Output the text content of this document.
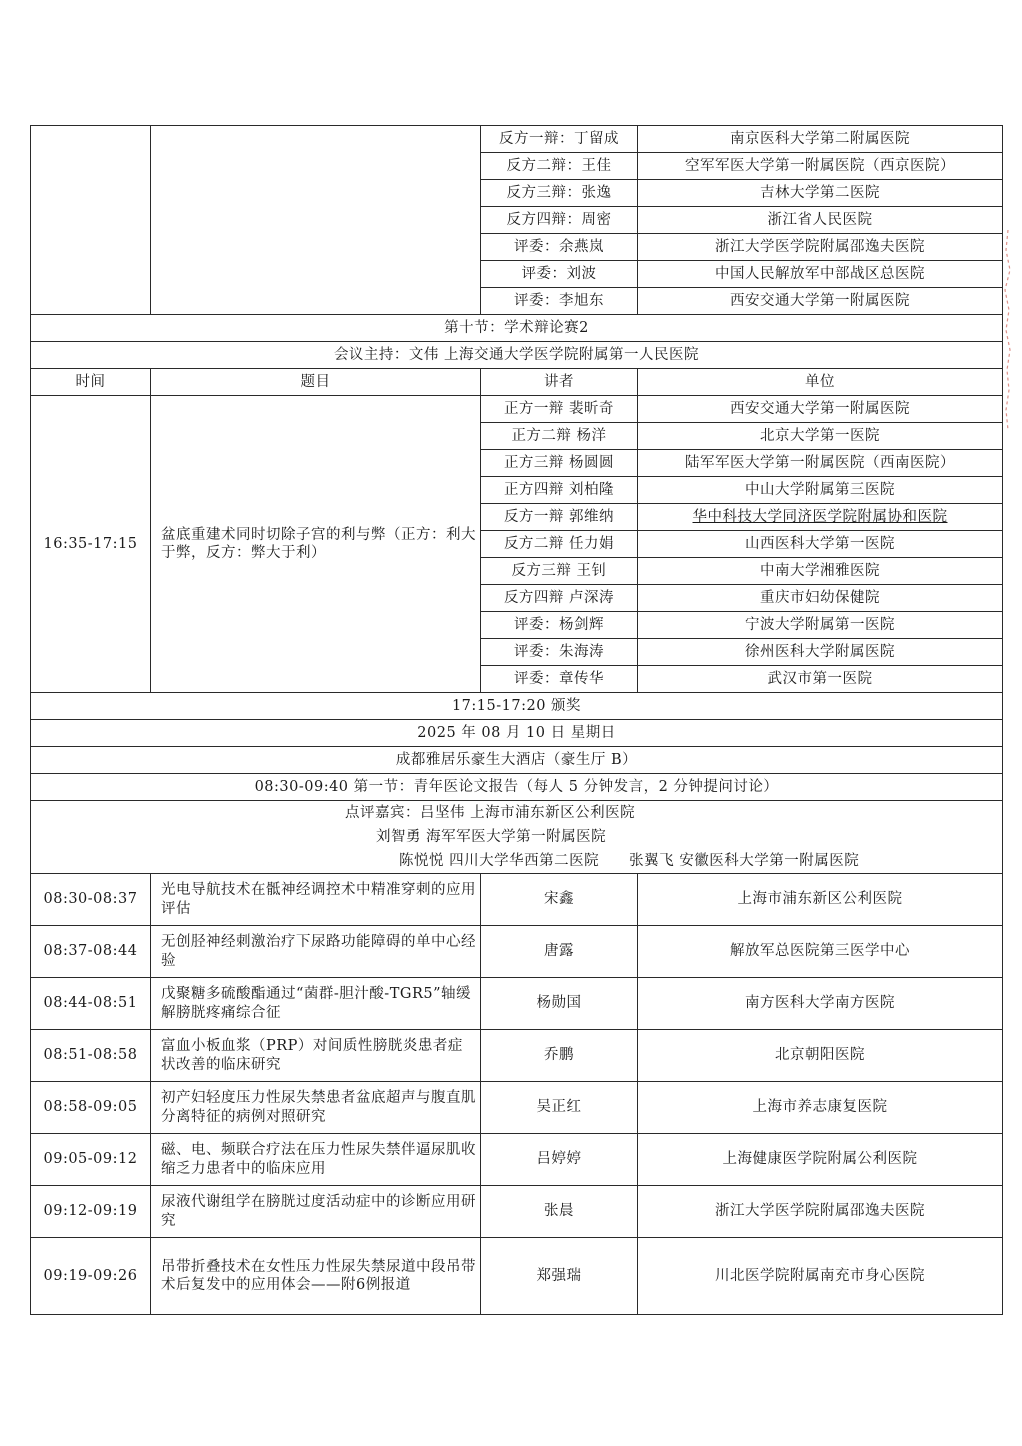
		反方一辩：丁留成	南京医科大学第二附属医院
		反方二辩：王佳	空军军医大学第一附属医院（西京医院）
		反方三辩：张逸	吉林大学第二医院
		反方四辩：周密	浙江省人民医院
		评委：余燕岚	浙江大学医学院附属邵逸夫医院
		评委：刘波	中国人民解放军中部战区总医院
		评委：李旭东	西安交通大学第一附属医院
第十节：学术辩论赛2			
会议主持：文伟 上海交通大学医学院附属第一人民医院			
时间	题目	讲者	单位
16:35-17:15	盆底重建术同时切除子宫的利与弊（正方：利大于弊，反方：弊大于利）	正方一辩 裴昕奇	西安交通大学第一附属医院
		正方二辩 杨洋	北京大学第一医院
		正方三辩 杨圆圆	陆军军医大学第一附属医院（西南医院）
		正方四辩 刘柏隆	中山大学附属第三医院
		反方一辩 郭维纳	华中科技大学同济医学院附属协和医院
		反方二辩 任力娟	山西医科大学第一医院
		反方三辩 王钊	中南大学湘雅医院
		反方四辩 卢深涛	重庆市妇幼保健院
		评委：杨剑辉	宁波大学附属第一医院
		评委：朱海涛	徐州医科大学附属医院
		评委：章传华	武汉市第一医院
17:15-17:20 颁奖			
2025 年 08 月 10 日 星期日			
成都雅居乐豪生大酒店（豪生厅 B）			
08:30-09:40 第一节：青年医论文报告（每人 5 分钟发言，2 分钟提问讨论）			

点评嘉宾：吕坚伟 上海市浦东新区公利医院
刘智勇 海军军医大学第一附属医院
陈悦悦 四川大学华西第二医院 张翼飞 安徽医科大学第一附属医院			

08:30-08:37	光电导航技术在骶神经调控术中精准穿刺的应用评估	宋鑫	上海市浦东新区公利医院
08:37-08:44	无创胫神经刺激治疗下尿路功能障碍的单中心经验	唐露	解放军总医院第三医学中心
08:44-08:51	戊聚糖多硫酸酯通过“菌群-胆汁酸-TGR5”轴缓解膀胱疼痛综合征	杨勋国	南方医科大学南方医院
08:51-08:58	富血小板血浆（PRP）对间质性膀胱炎患者症状改善的临床研究	乔鹏	北京朝阳医院
08:58-09:05	初产妇轻度压力性尿失禁患者盆底超声与腹直肌分离特征的病例对照研究	吴正红	上海市养志康复医院
09:05-09:12	磁、电、频联合疗法在压力性尿失禁伴逼尿肌收缩乏力患者中的临床应用	吕婷婷	上海健康医学院附属公利医院
09:12-09:19	尿液代谢组学在膀胱过度活动症中的诊断应用研究	张晨	浙江大学医学院附属邵逸夫医院
09:19-09:26	吊带折叠技术在女性压力性尿失禁尿道中段吊带术后复发中的应用体会——附6例报道	郑强瑞	川北医学院附属南充市身心医院
